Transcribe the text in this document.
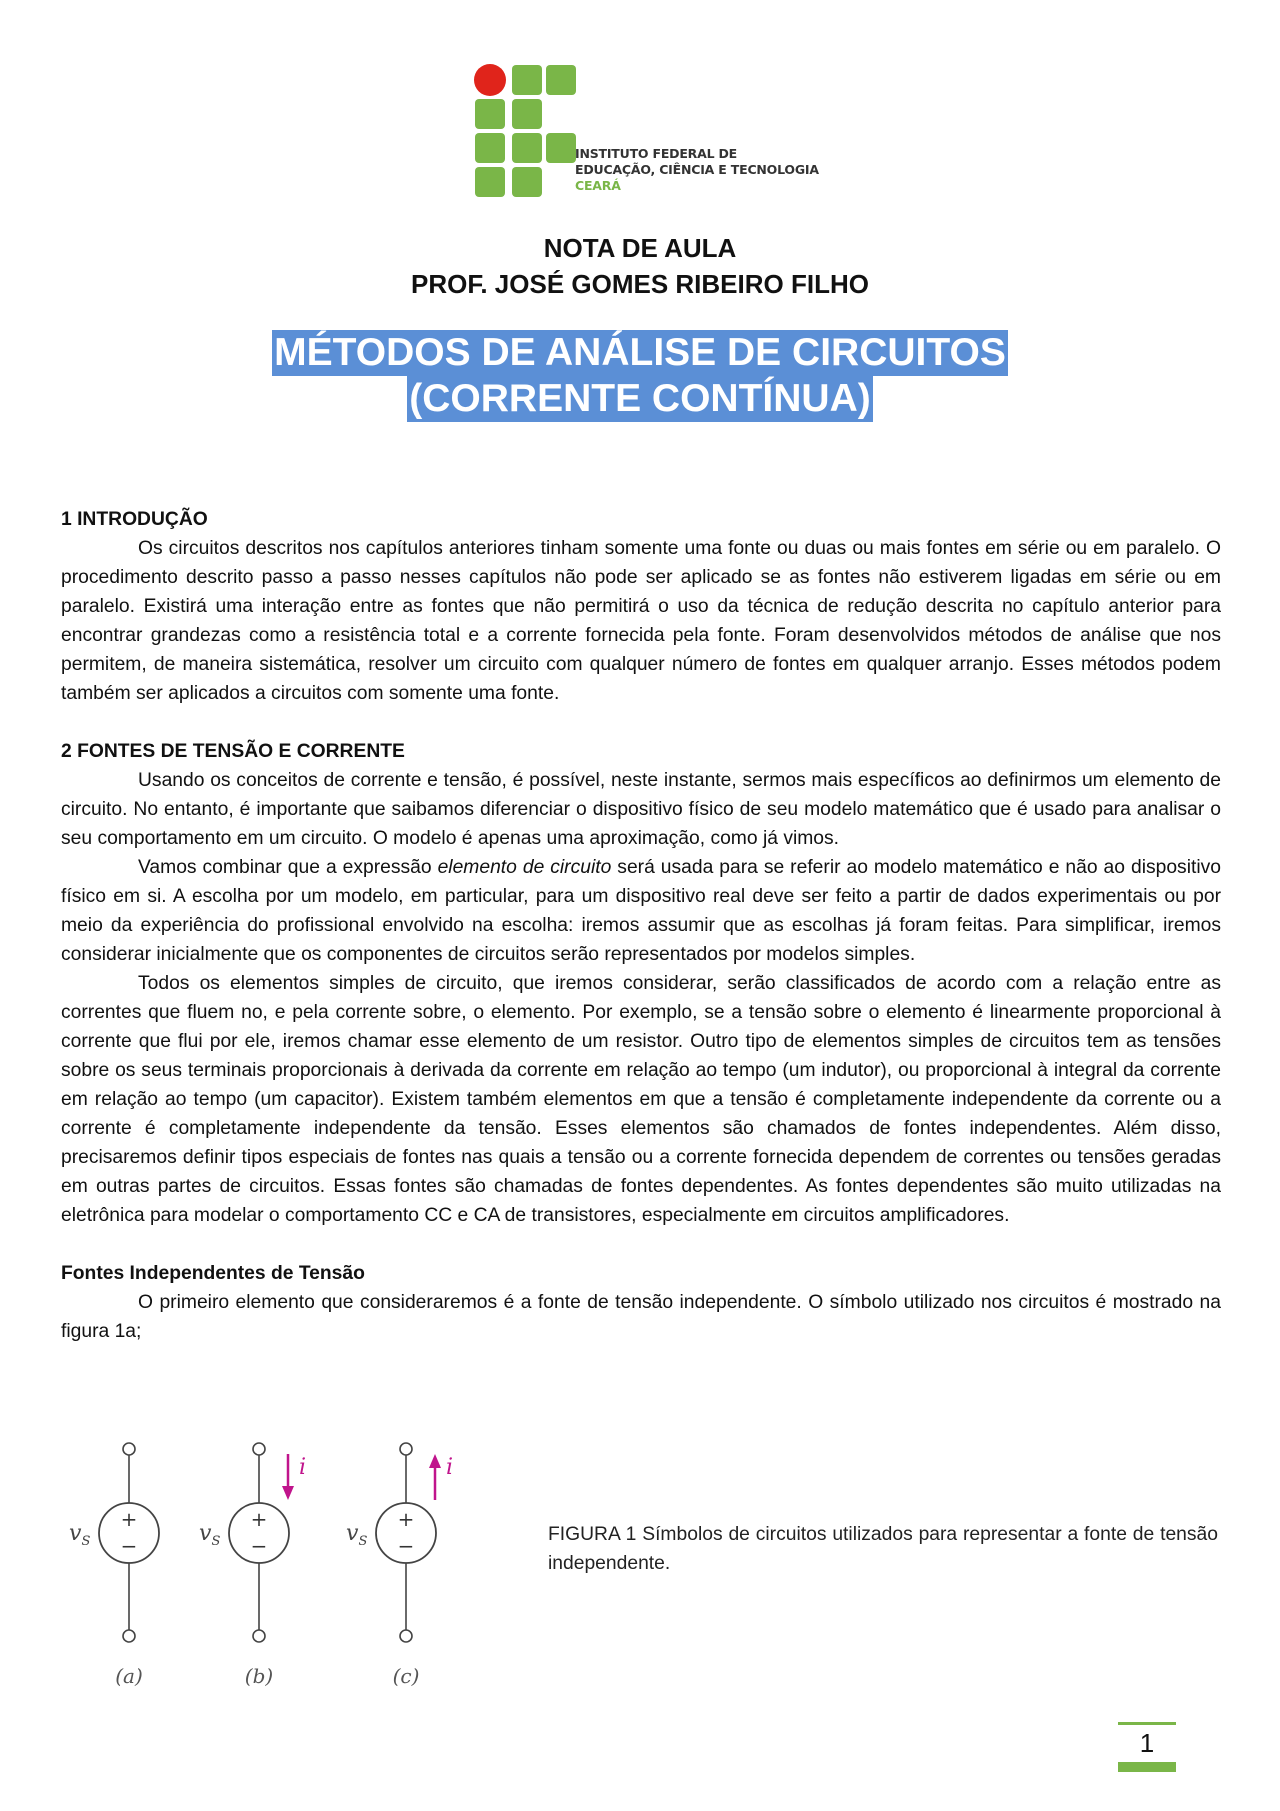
INSTITUTO FEDERAL DE
EDUCAÇÃO, CIÊNCIA E TECNOLOGIA
CEARÁ
NOTA DE AULA
PROF. JOSÉ GOMES RIBEIRO FILHO
MÉTODOS DE ANÁLISE DE CIRCUITOS
(CORRENTE CONTÍNUA)
1 INTRODUÇÃO

Os circuitos descritos nos capítulos anteriores tinham somente uma fonte ou duas ou mais fontes em série ou em paralelo. O procedimento descrito passo a passo nesses capítulos não pode ser aplicado se as fontes não estiverem ligadas em série ou em paralelo. Existirá uma interação entre as fontes que não permitirá o uso da técnica de redução descrita no capítulo anterior para encontrar grandezas como a resistência total e a corrente fornecida pela fonte. Foram desenvolvidos métodos de análise que nos permitem, de maneira sistemática, resolver um circuito com qualquer número de fontes em qualquer arranjo. Esses métodos podem também ser aplicados a circuitos com somente uma fonte.

2 FONTES DE TENSÃO E CORRENTE

Usando os conceitos de corrente e tensão, é possível, neste instante, sermos mais específicos ao definirmos um elemento de circuito. No entanto, é importante que saibamos diferenciar o dispositivo físico de seu modelo matemático que é usado para analisar o seu comportamento em um circuito. O modelo é apenas uma aproximação, como já vimos.

Vamos combinar que a expressão elemento de circuito será usada para se referir ao modelo matemático e não ao dispositivo físico em si. A escolha por um modelo, em particular, para um dispositivo real deve ser feito a partir de dados experimentais ou por meio da experiência do profissional envolvido na escolha: iremos assumir que as escolhas já foram feitas. Para simplificar, iremos considerar inicialmente que os componentes de circuitos serão representados por modelos simples.

Todos os elementos simples de circuito, que iremos considerar, serão classificados de acordo com a relação entre as correntes que fluem no, e pela corrente sobre, o elemento. Por exemplo, se a tensão sobre o elemento é linearmente proporcional à corrente que flui por ele, iremos chamar esse elemento de um resistor. Outro tipo de elementos simples de circuitos tem as tensões sobre os seus terminais proporcionais à derivada da corrente em relação ao tempo (um indutor), ou proporcional à integral da corrente em relação ao tempo (um capacitor). Existem também elementos em que a tensão é completamente independente da corrente ou a corrente é completamente independente da tensão. Esses elementos são chamados de fontes independentes. Além disso, precisaremos definir tipos especiais de fontes nas quais a tensão ou a corrente fornecida dependem de correntes ou tensões geradas em outras partes de circuitos. Essas fontes são chamadas de fontes dependentes. As fontes dependentes são muito utilizadas na eletrônica para modelar o comportamento CC e CA de transistores, especialmente em circuitos amplificadores.

Fontes Independentes de Tensão

O primeiro elemento que consideraremos é a fonte de tensão independente. O símbolo utilizado nos circuitos é mostrado na figura 1a;

+
−
$v_S$
(a)
+
−
$v_S$
i
(b)
+
−
$v_S$
i
(c)
FIGURA 1 Símbolos de circuitos utilizados para representar a fonte de tensão independente.
1
